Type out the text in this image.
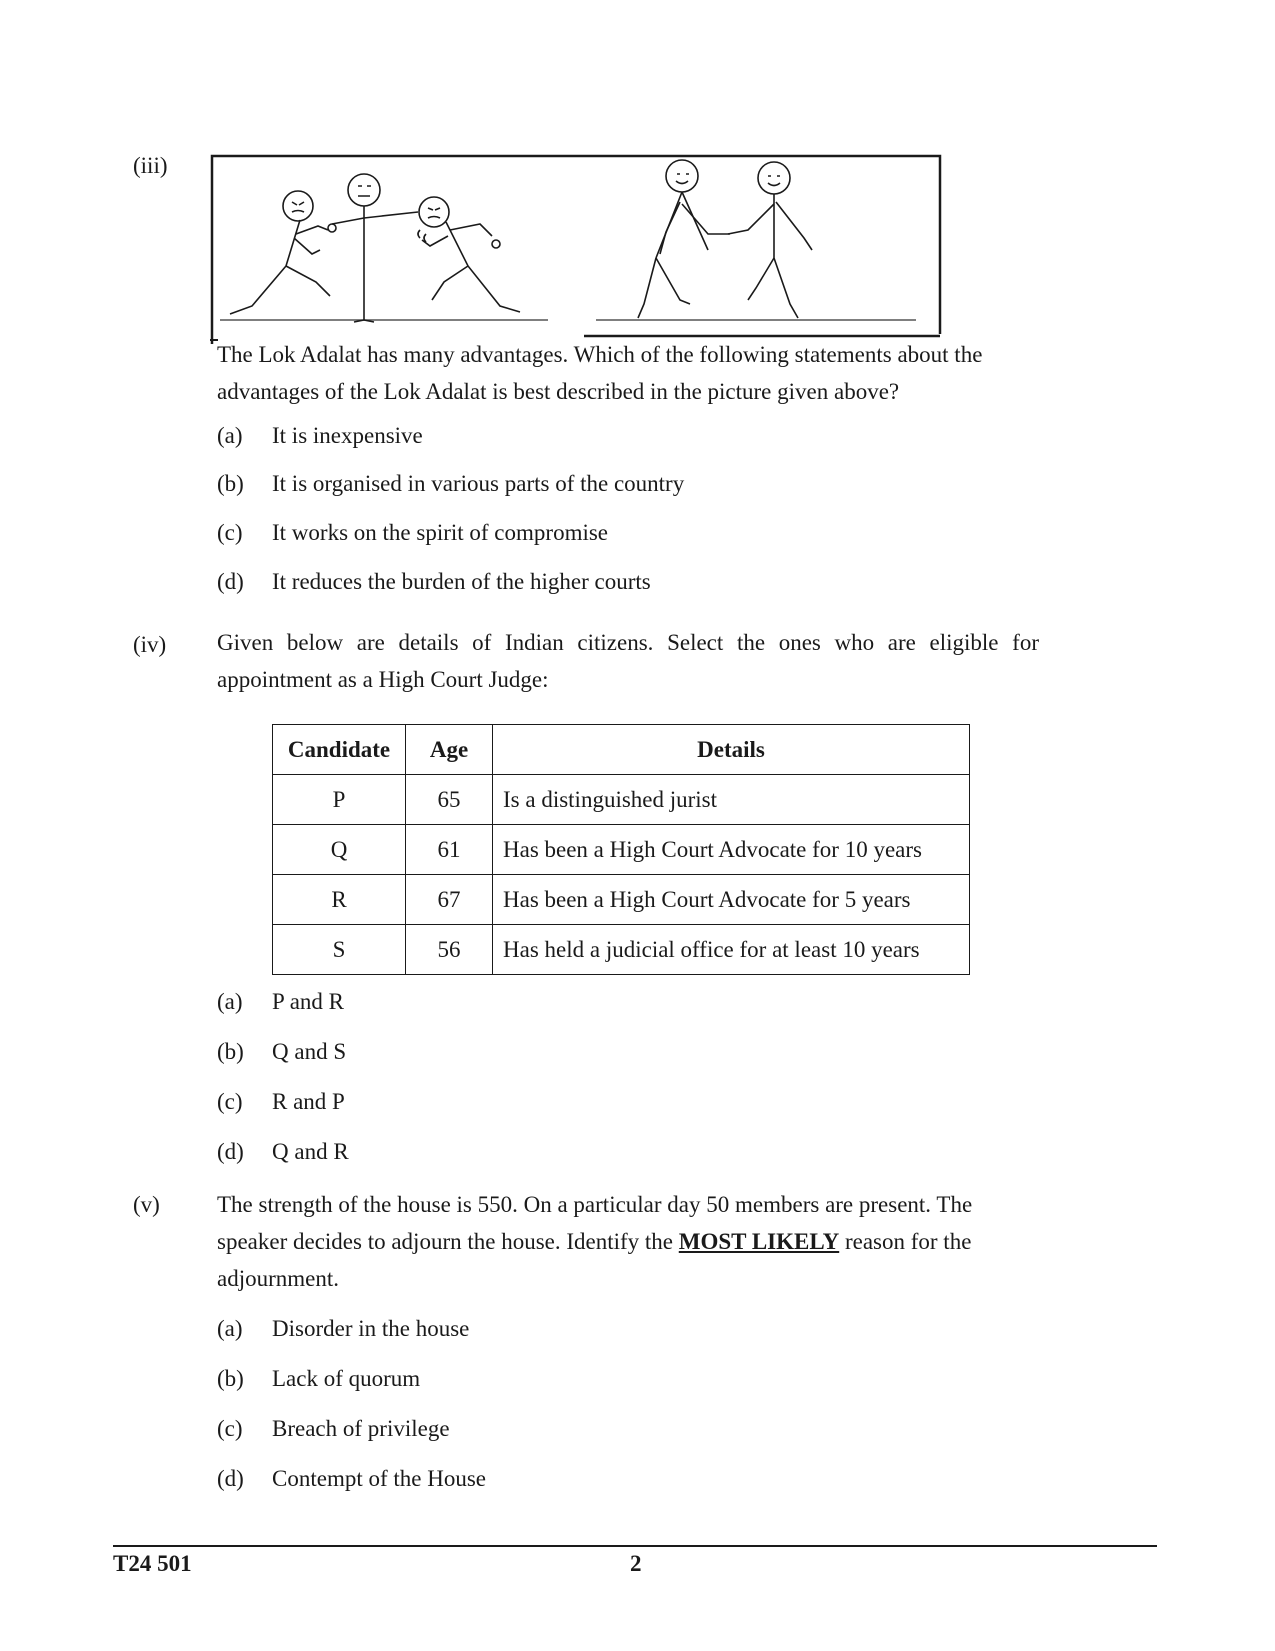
(iii)
The Lok Adalat has many advantages. Which of the following statements about the advantages of the Lok Adalat is best described in the picture given above?
(a) It is inexpensive
(b) It is organised in various parts of the country
(c) It works on the spirit of compromise
(d) It reduces the burden of the higher courts
(iv) Given below are details of Indian citizens. Select the ones who are eligible for
appointment as a High Court Judge:
Candidate	Age	Details
P	65	Is a distinguished jurist
Q	61	Has been a High Court Advocate for 10 years
R	67	Has been a High Court Advocate for 5 years
S	56	Has held a judicial office for at least 10 years
(a) P and R
(b) Q and S
(c) R and P
(d) Q and R
(v) The strength of the house is 550. On a particular day 50 members are present. The speaker decides to adjourn the house. Identify the MOST LIKELY reason for the adjournment.
(a) Disorder in the house
(b) Lack of quorum
(c) Breach of privilege
(d) Contempt of the House
T24 501	2
